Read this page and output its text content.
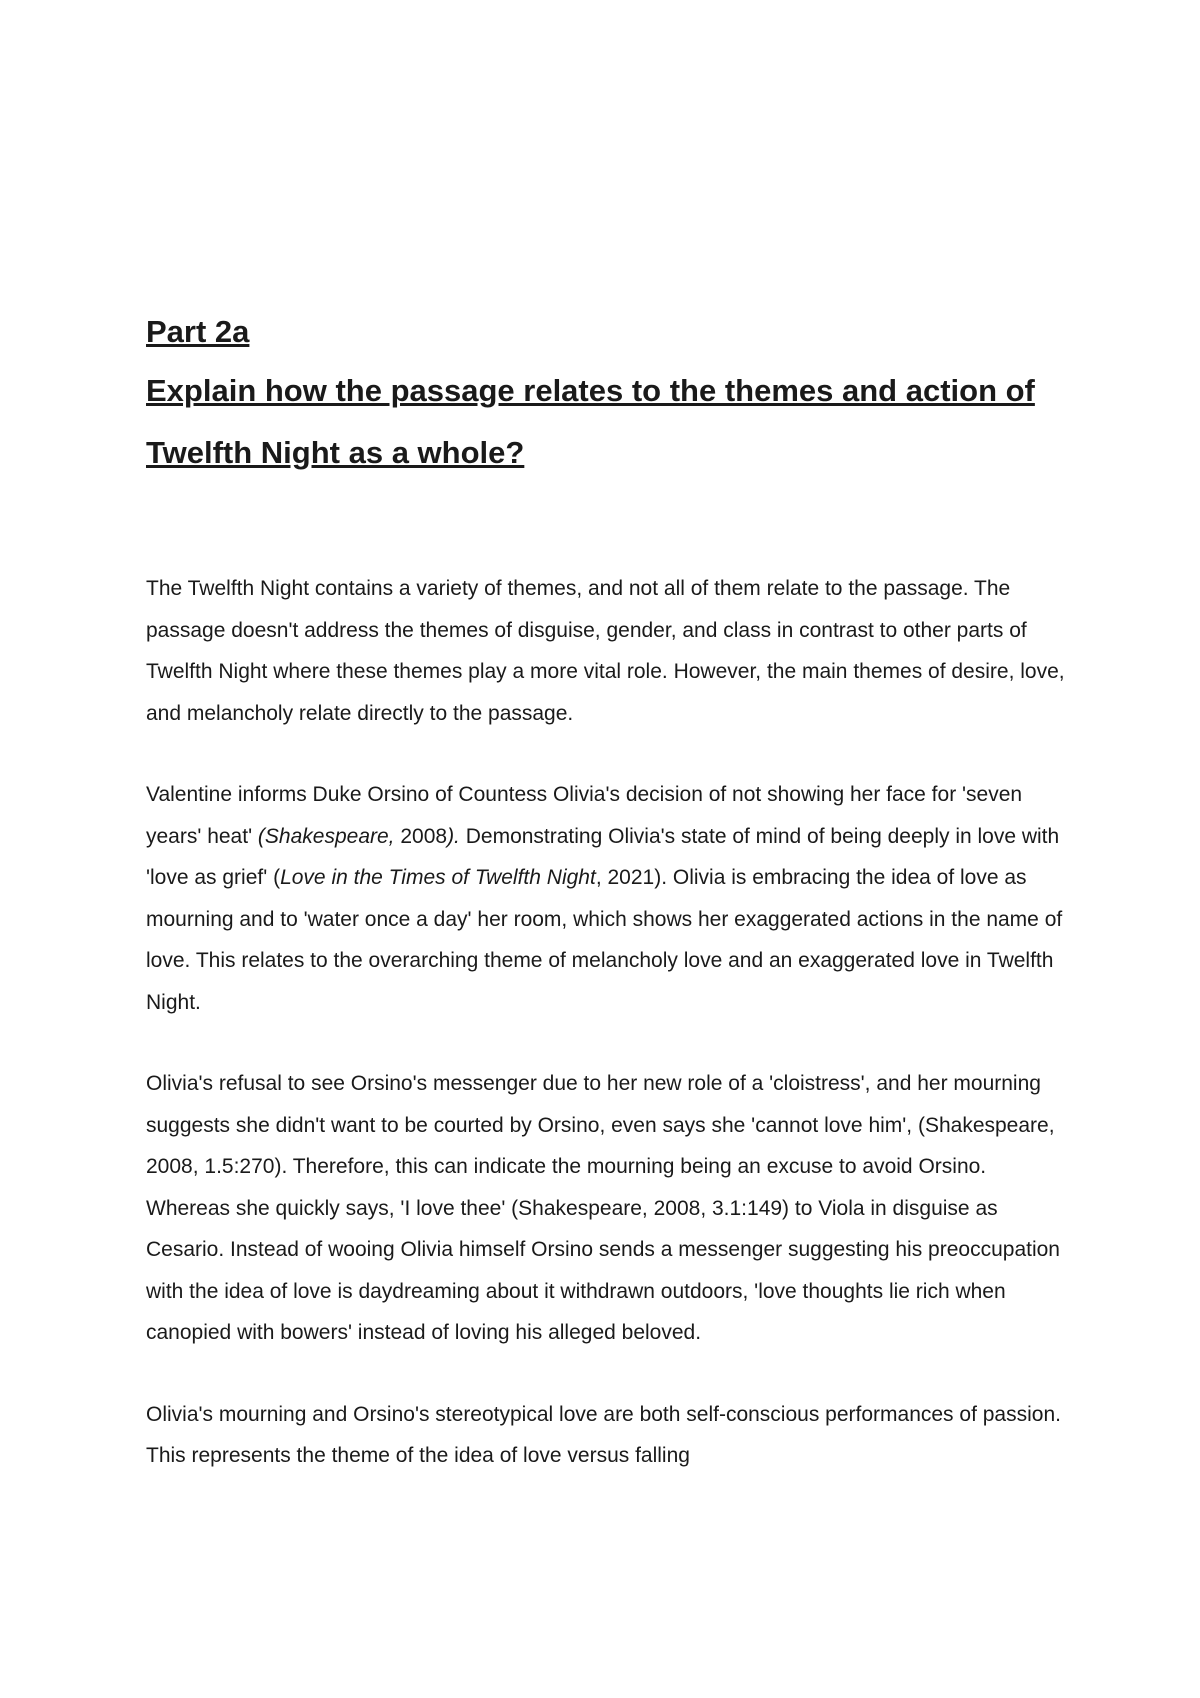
Part 2a
Explain how the passage relates to the themes and action of Twelfth Night as a whole?

The Twelfth Night contains a variety of themes, and not all of them relate to the passage. The passage doesn't address the themes of disguise, gender, and class in contrast to other parts of Twelfth Night where these themes play a more vital role. However, the main themes of desire, love, and melancholy relate directly to the passage.

Valentine informs Duke Orsino of Countess Olivia's decision of not showing her face for 'seven years' heat' (Shakespeare, 2008). Demonstrating Olivia's state of mind of being deeply in love with 'love as grief' (Love in the Times of Twelfth Night, 2021). Olivia is embracing the idea of love as mourning and to 'water once a day' her room, which shows her exaggerated actions in the name of love. This relates to the overarching theme of melancholy love and an exaggerated love in Twelfth Night.

Olivia's refusal to see Orsino's messenger due to her new role of a 'cloistress', and her mourning suggests she didn't want to be courted by Orsino, even says she 'cannot love him', (Shakespeare, 2008, 1.5:270). Therefore, this can indicate the mourning being an excuse to avoid Orsino. Whereas she quickly says, 'I love thee' (Shakespeare, 2008, 3.1:149) to Viola in disguise as Cesario. Instead of wooing Olivia himself Orsino sends a messenger suggesting his preoccupation with the idea of love is daydreaming about it withdrawn outdoors, 'love thoughts lie rich when canopied with bowers' instead of loving his alleged beloved.

Olivia's mourning and Orsino's stereotypical love are both self-conscious performances of passion. This represents the theme of the idea of love versus falling
